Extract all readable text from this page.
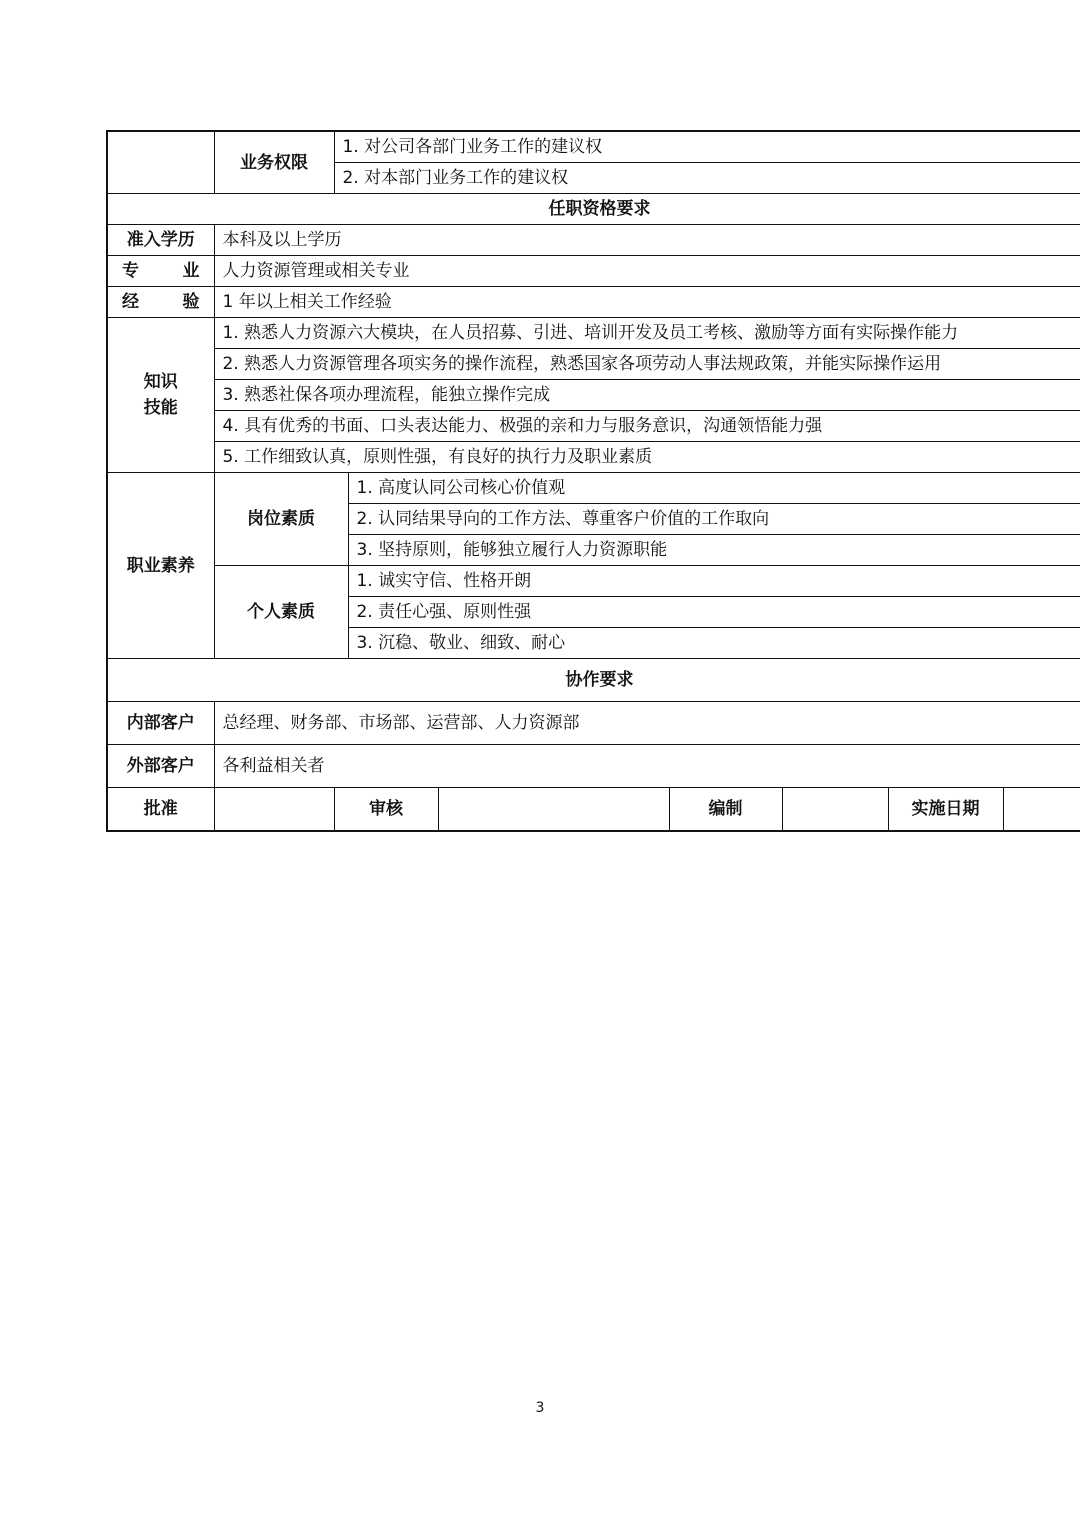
	业务权限	1. 对公司各部门业务工作的建议权						
		2. 对本部门业务工作的建议权						
任职资格要求								
准入学历	本科及以上学历							
专 业	人力资源管理或相关专业							
经 验	1 年以上相关工作经验							

知识
技能	1. 熟悉人力资源六大模块，在人员招募、引进、培训开发及员工考核、激励等方面有实际操作能力							
	2. 熟悉人力资源管理各项实务的操作流程，熟悉国家各项劳动人事法规政策，并能实际操作运用							
	3. 熟悉社保各项办理流程，能独立操作完成							
	4. 具有优秀的书面、口头表达能力、极强的亲和力与服务意识，沟通领悟能力强							
	5. 工作细致认真，原则性强，有良好的执行力及职业素质							
职业素养	岗位素质		1. 高度认同公司核心价值观					
			2. 认同结果导向的工作方法、尊重客户价值的工作取向					
			3. 坚持原则，能够独立履行人力资源职能					
	个人素质		1. 诚实守信、性格开朗					
			2. 责任心强、原则性强					
			3. 沉稳、敬业、细致、耐心					
协作要求								
内部客户	总经理、财务部、市场部、运营部、人力资源部							
外部客户	各利益相关者							
批准		审核			编制		实施日期	
3
